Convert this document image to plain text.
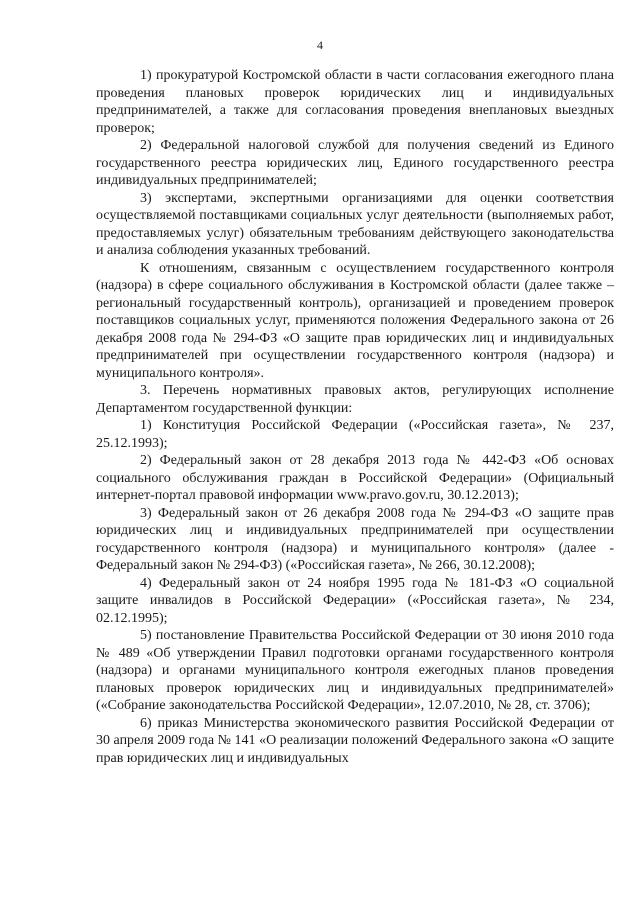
4

1) прокуратурой Костромской области в части согласования ежегодного плана проведения плановых проверок юридических лиц и индивидуальных предпринимателей, а также для согласования проведения внеплановых выездных проверок;

2) Федеральной налоговой службой для получения сведений из Единого государственного реестра юридических лиц, Единого государственного реестра индивидуальных предпринимателей;

3) экспертами, экспертными организациями для оценки соответствия осуществляемой поставщиками социальных услуг деятельности (выполняемых работ, предоставляемых услуг) обязательным требованиям действующего законодательства и анализа соблюдения указанных требований.

К отношениям, связанным с осуществлением государственного контроля (надзора) в сфере социального обслуживания в Костромской области (далее также – региональный государственный контроль), организацией и проведением проверок поставщиков социальных услуг, применяются положения Федерального закона от 26 декабря 2008 года № 294-ФЗ «О защите прав юридических лиц и индивидуальных предпринимателей при осуществлении государственного контроля (надзора) и муниципального контроля».

3. Перечень нормативных правовых актов, регулирующих исполнение Департаментом государственной функции:

1) Конституция Российской Федерации («Российская газета», № 237, 25.12.1993);

2) Федеральный закон от 28 декабря 2013 года № 442-ФЗ «Об основах социального обслуживания граждан в Российской Федерации» (Официальный интернет-портал правовой информации www.pravo.gov.ru, 30.12.2013);

3) Федеральный закон от 26 декабря 2008 года № 294-ФЗ «О защите прав юридических лиц и индивидуальных предпринимателей при осуществлении государственного контроля (надзора) и муниципального контроля» (далее - Федеральный закон № 294-ФЗ) («Российская газета», № 266, 30.12.2008);

4) Федеральный закон от 24 ноября 1995 года № 181-ФЗ «О социальной защите инвалидов в Российской Федерации» («Российская газета», № 234, 02.12.1995);

5) постановление Правительства Российской Федерации от 30 июня 2010 года № 489 «Об утверждении Правил подготовки органами государственного контроля (надзора) и органами муниципального контроля ежегодных планов проведения плановых проверок юридических лиц и индивидуальных предпринимателей» («Собрание законодательства Российской Федерации», 12.07.2010, № 28, ст. 3706);

6) приказ Министерства экономического развития Российской Федерации от 30 апреля 2009 года № 141 «О реализации положений Федерального закона «О защите прав юридических лиц и индивидуальных
